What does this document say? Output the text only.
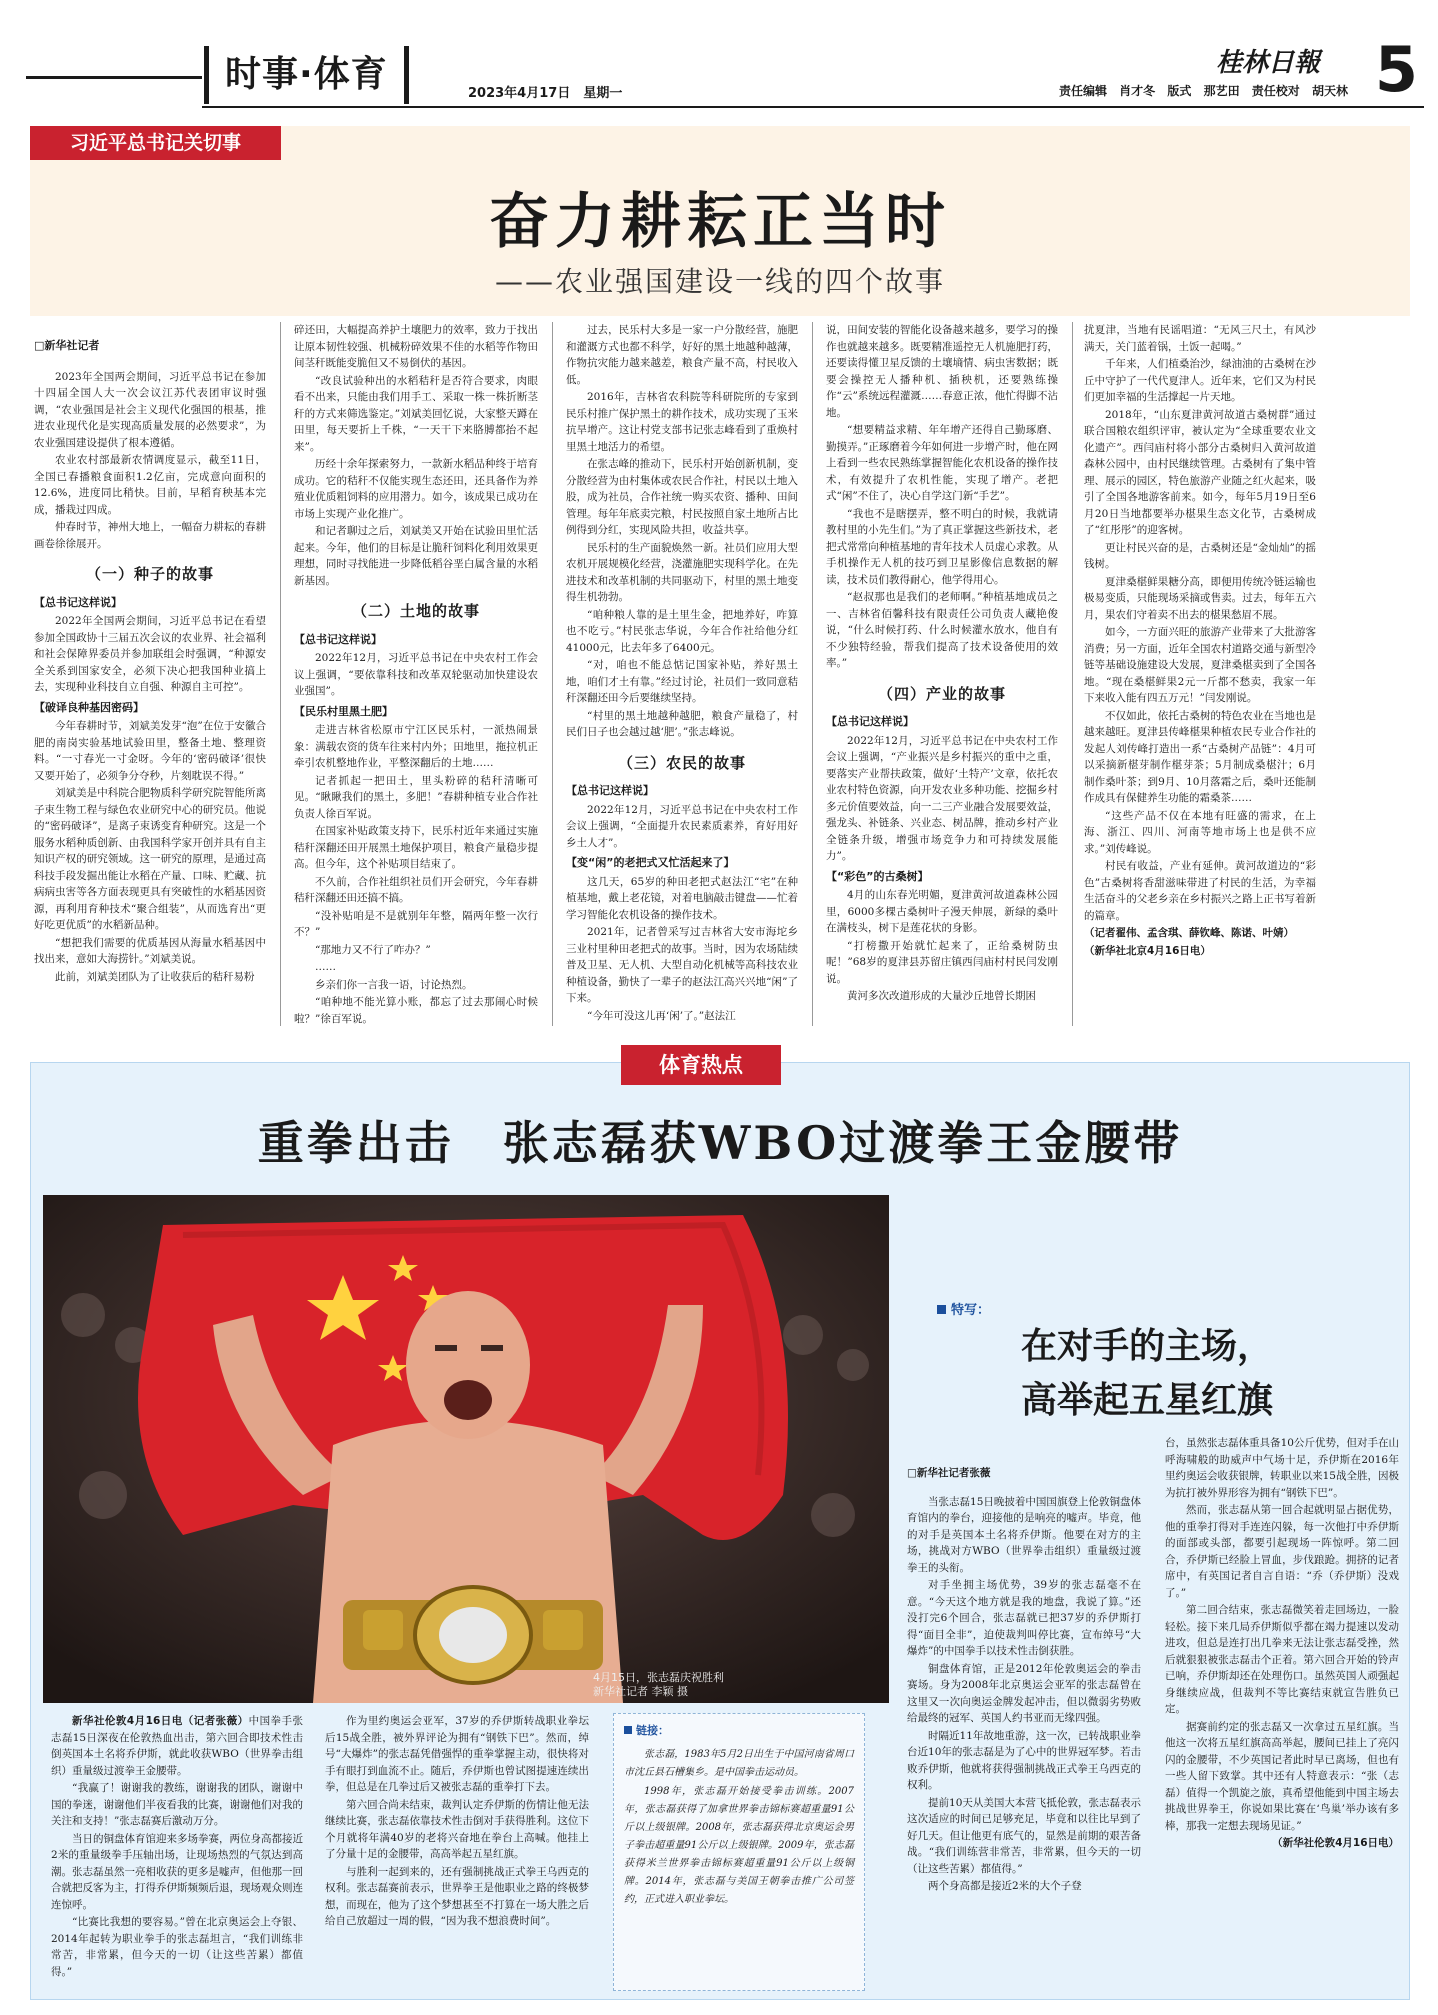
时事·体育	2023年4月17日　星期一
桂林日報
责任编辑 肖才冬 版式 那艺田 责任校对 胡天林 5
习近平总书记关切事
奋力耕耘正当时
——农业强国建设一线的四个故事

□新华社记者

2023年全国两会期间，习近平总书记在参加十四届全国人大一次会议江苏代表团审议时强调，“农业强国是社会主义现代化强国的根基，推进农业现代化是实现高质量发展的必然要求”，为农业强国建设提供了根本遵循。

农业农村部最新农情调度显示，截至11日，全国已春播粮食面积1.2亿亩，完成意向面积的12.6%，进度同比稍快。目前，早稻育秧基本完成，播栽过四成。

仲春时节，神州大地上，一幅奋力耕耘的春耕画卷徐徐展开。

（一）种子的故事

【总书记这样说】

2022年全国两会期间，习近平总书记在看望参加全国政协十三届五次会议的农业界、社会福利和社会保障界委员并参加联组会时强调，“种源安全关系到国家安全，必须下决心把我国种业搞上去，实现种业科技自立自强、种源自主可控”。

【破译良种基因密码】

今年春耕时节，刘斌美发芽“泡”在位于安徽合肥的南岗实验基地试验田里，整备土地、整理资料。“一寸春光一寸金呀。今年的‘密码破译’很快又要开始了，必须争分夺秒，片刻耽误不得。”

刘斌美是中科院合肥物质科学研究院智能所离子束生物工程与绿色农业研究中心的研究员。他说的“密码破译”，是离子束诱变育种研究。这是一个服务水稻种质创新、由我国科学家开创并具有自主知识产权的研究领域。这一研究的原理，是通过高科技手段发掘出能让水稻在产量、口味、贮藏、抗病病虫害等各方面表现更具有突破性的水稻基因资源，再利用育种技术“聚合组装”，从而选育出“更好吃更优质”的水稻新品种。

“想把我们需要的优质基因从海量水稻基因中找出来，意如大海捞针。”刘斌美说。

此前，刘斌美团队为了让收获后的秸秆易粉

碎还田，大幅提高养护土壤肥力的效率，致力于找出让原本韧性较强、机械粉碎效果不佳的水稻等作物田间茎秆既能变脆但又不易倒伏的基因。

“改良试验种出的水稻秸秆是否符合要求，肉眼看不出来，只能由我们用手工、采取一株一株折断茎秆的方式来筛选鉴定。”刘斌美回忆说，大家整天蹲在田里，每天要折上千株，“一天干下来胳膊都抬不起来”。

历经十余年探索努力，一款新水稻品种终于培育成功。它的秸秆不仅能实现生态还田，还具备作为养殖业优质粗饲料的应用潜力。如今，该成果已成功在市场上实现产业化推广。

和记者聊过之后，刘斌美又开始在试验田里忙活起来。今年，他们的目标是让脆秆饲料化利用效果更理想，同时寻找能进一步降低稻谷垩白属含量的水稻新基因。

（二）土地的故事

【总书记这样说】

2022年12月，习近平总书记在中央农村工作会议上强调，“要依靠科技和改革双轮驱动加快建设农业强国”。

【民乐村里黑土肥】

走进吉林省松原市宁江区民乐村，一派热闹景象：满载农资的货车往来村内外；田地里，拖拉机正牵引农机整地作业，平整深翻后的土地……

记者抓起一把田土，里头粉碎的秸秆清晰可见。“瞅瞅我们的黑土，多肥！”春耕种植专业合作社负责人徐百军说。

在国家补贴政策支持下，民乐村近年来通过实施秸秆深翻还田开展黑土地保护项目，粮食产量稳步提高。但今年，这个补贴项目结束了。

不久前，合作社组织社员们开会研究，今年春耕秸秆深翻还田还搞不搞。

“没补贴咱是不是就别年年整，隔两年整一次行不？”

“那地力又不行了咋办？”

……

乡亲们你一言我一语，讨论热烈。

“咱种地不能光算小账，都忘了过去那闹心时候啦？”徐百军说。

过去，民乐村大多是一家一户分散经营，施肥和灌溉方式也都不科学，好好的黑土地越种越薄，作物抗灾能力越来越差，粮食产量不高，村民收入低。

2016年，吉林省农科院等科研院所的专家到民乐村推广保护黑土的耕作技术，成功实现了玉米抗旱增产。这让村党支部书记张志峰看到了重焕村里黑土地活力的希望。

在张志峰的推动下，民乐村开始创新机制，变分散经营为由村集体或农民合作社，村民以土地入股，成为社员，合作社统一购买农资、播种、田间管理。每年年底卖完粮，村民按照自家土地所占比例得到分红，实现风险共担，收益共享。

民乐村的生产面貌焕然一新。社员们应用大型农机开展规模化经营，浇灌施肥实现科学化。在先进技术和改革机制的共同驱动下，村里的黑土地变得生机勃勃。

“咱种粮人靠的是土里生金，把地养好，咋算也不吃亏。”村民张志华说，今年合作社给他分红41000元，比去年多了6400元。

“对，咱也不能总惦记国家补贴，养好黑土地，咱们才土有靠。”经过讨论，社员们一致同意秸秆深翻还田今后要继续坚持。

“村里的黑土地越种越肥，粮食产量稳了，村民们日子也会越过越‘肥’。”张志峰说。

（三）农民的故事

【总书记这样说】

2022年12月，习近平总书记在中央农村工作会议上强调，“全面提升农民素质素养，育好用好乡土人才”。

【变“闲”的老把式又忙活起来了】

这几天，65岁的种田老把式赵法江“宅”在种植基地，戴上老花镜，对着电脑敲击键盘——忙着学习智能化农机设备的操作技术。

2021年，记者曾采写过吉林省大安市海坨乡三业村里种田老把式的故事。当时，因为农场陆续普及卫星、无人机、大型自动化机械等高科技农业种植设备，勤快了一辈子的赵法江高兴兴地“闲”了下来。

“今年可没这儿再‘闲’了。”赵法江

说，田间安装的智能化设备越来越多，要学习的操作也就越来越多。既要精准遥控无人机施肥打药，还要读得懂卫星反馈的土壤墒情、病虫害数据；既要会操控无人播种机、插秧机，还要熟练操作“云”系统远程灌溉……春意正浓，他忙得脚不沾地。

“想要精益求精、年年增产还得自己勤琢磨、勤摸弄。”正琢磨着今年如何进一步增产时，他在网上看到一些农民熟练掌握智能化农机设备的操作技术，有效提升了农机性能，实现了增产。老把式“闲”不住了，决心自学这门新“手艺”。

“我也不是瞎摆弄，整不明白的时候，我就请教村里的小先生们。”为了真正掌握这些新技术，老把式常常向种植基地的青年技术人员虚心求教。从手机操作无人机的技巧到卫星影像信息数据的解读，技术员们教得耐心，他学得用心。

“赵叔那也是我们的老师啊。”种植基地成员之一、吉林省佰馨科技有限责任公司负责人藏艳俊说，“什么时候打药、什么时候灌水放水，他自有不少独特经验，帮我们提高了技术设备使用的效率。”

（四）产业的故事

【总书记这样说】

2022年12月，习近平总书记在中央农村工作会议上强调，“产业振兴是乡村振兴的重中之重，要落实产业帮扶政策，做好‘土特产’文章，依托农业农村特色资源，向开发农业多种功能、挖掘乡村多元价值要效益，向一二三产业融合发展要效益，强龙头、补链条、兴业态、树品牌，推动乡村产业全链条升级，增强市场竞争力和可持续发展能力”。

【“彩色”的古桑树】

4月的山东春光明媚，夏津黄河故道森林公园里，6000多棵古桑树叶子漫天伸展，新绿的桑叶在满枝头，树下是莲花状的身影。

“打榜撒开始就忙起来了，正给桑树防虫呢！”68岁的夏津县苏留庄镇西闫庙村村民闫发刚说。

黄河多次改道形成的大量沙丘地曾长期困

扰夏津，当地有民谣唱道：“无风三尺土，有风沙满天，关门蓝着锅，土饭一起喝。”

千年来，人们植桑治沙，绿油油的古桑树在沙丘中守护了一代代夏津人。近年来，它们又为村民们更加幸福的生活撑起一片天地。

2018年，“山东夏津黄河故道古桑树群”通过联合国粮农组织评审，被认定为“全球重要农业文化遗产”。西闫庙村将小部分古桑树归入黄河故道森林公园中，由村民继续管理。古桑树有了集中管理、展示的园区，特色旅游产业随之红火起来，吸引了全国各地游客前来。如今，每年5月19日至6月20日当地都要举办椹果生态文化节，古桑树成了“红彤彤”的迎客树。

更让村民兴奋的是，古桑树还是“金灿灿”的摇钱树。

夏津桑椹鲜果糖分高，即便用传统冷链运输也极易变质，只能现场采摘或售卖。过去，每年五六月，果农们守着卖不出去的椹果愁眉不展。

如今，一方面兴旺的旅游产业带来了大批游客消费；另一方面，近年全国农村道路交通与新型冷链等基础设施建设大发展，夏津桑椹卖到了全国各地。“现在桑椹鲜果2元一斤都不愁卖，我家一年下来收入能有四五万元！”闫发刚说。

不仅如此，依托古桑树的特色农业在当地也是越来越旺。夏津县传峰椹果种植农民专业合作社的发起人刘传峰打造出一系“古桑树产品链”：4月可以采摘新椹芽制作椹芽茶；5月制成桑椹汁；6月制作桑叶茶；到9月、10月落霜之后，桑叶还能制作成具有保健养生功能的霜桑茶……

“这些产品不仅在本地有旺盛的需求，在上海、浙江、四川、河南等地市场上也是供不应求。”刘传峰说。

村民有收益，产业有延伸。黄河故道边的“彩色”古桑树将香甜滋味带进了村民的生活，为幸福生活奋斗的父老乡亲在乡村振兴之路上正书写着新的篇章。

（记者翟伟、孟含琪、薛钦峰、陈诺、叶婧）

（新华社北京4月16日电）

体育热点
重拳出击　张志磊获WBO过渡拳王金腰带
4月15日，张志磊庆祝胜利
新华社记者 李颖 摄
特写：
在对手的主场，
高举起五星红旗

新华社伦敦4月16日电（记者张薇）中国拳手张志磊15日深夜在伦敦热血出击，第六回合即技术性击倒英国本土名将乔伊斯，就此收获WBO（世界拳击组织）重量级过渡拳王金腰带。

“我赢了！谢谢我的教练，谢谢我的团队，谢谢中国的拳迷，谢谢他们半夜看我的比赛，谢谢他们对我的关注和支持！”张志磊赛后激动万分。

当日的铜盘体育馆迎来多场拳赛，两位身高都接近2米的重量级拳手压轴出场，让现场热烈的气氛达到高潮。张志磊虽然一亮相收获的更多是嘘声，但他那一回合就把反客为主，打得乔伊斯频频后退，现场观众则连连惊呼。

“比赛比我想的要容易。”曾在北京奥运会上夺银、2014年起转为职业拳手的张志磊坦言，“我们训练非常苦，非常累，但今天的一切（让这些苦累）都值得。”

作为里约奥运会亚军，37岁的乔伊斯转战职业拳坛后15战全胜，被外界评论为拥有“钢铁下巴”。然而，绰号“大爆炸”的张志磊凭借强悍的重拳掌握主动，很快将对手有眼打到血流不止。随后，乔伊斯也曾试图提速连续出拳，但总是在几拳过后又被张志磊的重拳打下去。

第六回合尚未结束，裁判认定乔伊斯的伤情让他无法继续比赛，张志磊依靠技术性击倒对手获得胜利。这位下个月就将年满40岁的老将兴奋地在拳台上高喊。他挂上了分量十足的金腰带，高高举起五星红旗。

与胜利一起到来的，还有强制挑战正式拳王乌西克的权利。张志磊赛前表示，世界拳王是他职业之路的终极梦想，而现在，他为了这个梦想甚至不打算在一场大胜之后给自己放超过一周的假，“因为我不想浪费时间”。

链接：

张志磊，1983年5月2日出生于中国河南省周口市沈丘县石槽集乡。是中国拳击运动员。

1998年，张志磊开始接受拳击训练。2007年，张志磊获得了加拿世界拳击锦标赛超重量91公斤以上级银牌。2008年，张志磊获得北京奥运会男子拳击超重量91公斤以上级银牌。2009年，张志磊获得米兰世界拳击锦标赛超重量91公斤以上级铜牌。2014年，张志磊与美国王朝拳击推广公司签约，正式进入职业拳坛。

□新华社记者张薇

当张志磊15日晚披着中国国旗登上伦敦铜盘体育馆内的拳台，迎接他的是响亮的嘘声。毕竟，他的对手是英国本土名将乔伊斯。他要在对方的主场，挑战对方WBO（世界拳击组织）重量级过渡拳王的头衔。

对手坐拥主场优势，39岁的张志磊毫不在意。“今天这个地方就是我的地盘，我说了算。”还没打完6个回合，张志磊就已把37岁的乔伊斯打得“面目全非”，迫使裁判叫停比赛，宣布绰号“大爆炸”的中国拳手以技术性击倒获胜。

铜盘体育馆，正是2012年伦敦奥运会的拳击赛场。身为2008年北京奥运会亚军的张志磊曾在这里又一次向奥运金牌发起冲击，但以微弱劣势败给最终的冠军、英国人约书亚而无缘四强。

时隔近11年故地重游，这一次，已转战职业拳台近10年的张志磊是为了心中的世界冠军梦。若击败乔伊斯，他就将获得强制挑战正式拳王乌西克的权利。

提前10天从美国大本营飞抵伦敦，张志磊表示这次适应的时间已足够充足，毕竟和以往比早到了好几天。但让他更有底气的，显然是前期的艰苦备战。“我们训练营非常苦，非常累，但今天的一切（让这些苦累）都值得。”

两个身高都是接近2米的大个子登

台，虽然张志磊体重具备10公斤优势，但对手在山呼海啸般的助威声中气场十足，乔伊斯在2016年里约奥运会收获银牌，转职业以来15战全胜，因极为抗打被外界形容为拥有“钢铁下巴”。

然而，张志磊从第一回合起就明显占据优势，他的重拳打得对手连连闪躲，每一次他打中乔伊斯的面部或头部，都要引起现场一阵惊呼。第二回合，乔伊斯已经脸上冒血，步伐踉跄。拥挤的记者席中，有英国记者自言自语：“乔（乔伊斯）没戏了。”

第二回合结束，张志磊微笑着走回场边，一脸轻松。接下来几局乔伊斯似乎都在竭力提速以发动进攻，但总是连打出几拳来无法让张志磊受挫，然后就狠狠被张志磊击个正着。第六回合开始的铃声已响，乔伊斯却还在处理伤口。虽然英国人顽强起身继续应战，但裁判不等比赛结束就宣告胜负已定。

据赛前约定的张志磊又一次拿过五星红旗。当他这一次将五星红旗高高举起，腰间已挂上了亮闪闪的金腰带，不少英国记者此时早已离场，但也有一些人留下致掌。其中还有人特意表示：“张（志磊）值得一个凯旋之旅，真希望他能到中国主场去挑战世界拳王，你说如果比赛在‘鸟巢’举办该有多棒，那我一定想去现场见证。”

（新华社伦敦4月16日电）
